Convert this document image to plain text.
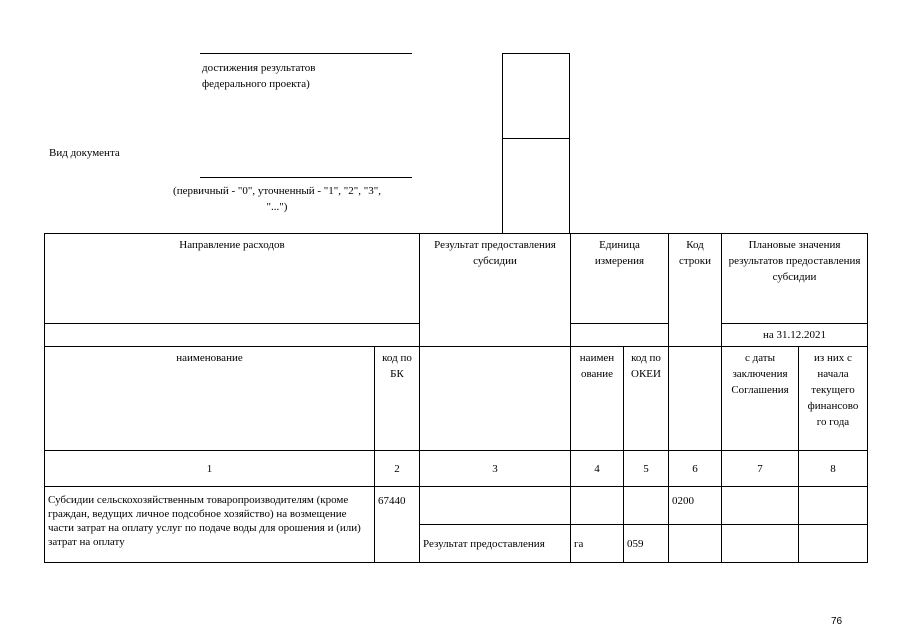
достижения результатов
федерального проекта)
Вид документа
(первичный - "0", уточненный - "1", "2", "3",
"...")
Направление расходов		Результат предоставления субсидии	Единица измерения		Код строки	Плановые значения результатов предоставления субсидии	
						на 31.12.2021	
наименование	код по БК		наимен ование	код по ОКЕИ		с даты заключения Соглашения	из них с начала текущего финансово го года
1	2	3	4	5	6	7	8
Субсидии сельскохозяйственным товаропроизводителям (кроме граждан, ведущих личное подсобное хозяйство) на возмещение части затрат на оплату услуг по подаче воды для орошения и (или) затрат на оплату	67440				0200		
		Результат предоставления	га	059			
76
